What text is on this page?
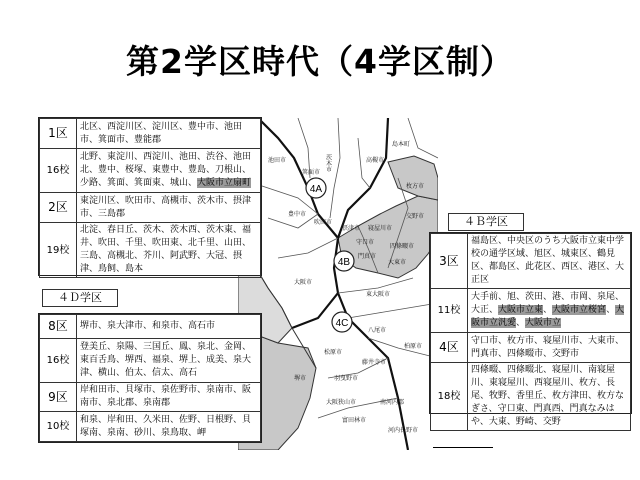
第2学区時代（4学区制）
4A
4B
4C
島本町
茨木市	高槻市
箕面市
池田市
枚方市
豊中市
吹田市
摂津市 寝屋川市
交野市
守口市
四條畷市
門真市
大東市
大阪市
東大阪市
八尾市
堺市
柏原市
松原市
藤井寺市
羽曳野市
大阪狭山市	南河内郡
富田林市
河内長野市
1区	北区、西淀川区、淀川区、豊中市、池田市、箕面市、豊能郡
16校	北野、東淀川、西淀川、池田、渋谷、池田北、豊中、桜塚、東豊中、豊島、刀根山、少路、箕面、箕面東、城山、大阪市立扇町
2区	東淀川区、吹田市、高槻市、茨木市、摂津市、三島郡
19校	北淀、春日丘、茨木、茨木西、茨木東、福井、吹田、千里、吹田東、北千里、山田、三島、高槻北、芥川、阿武野、大冠、摂津、鳥飼、島本
４Ｄ学区
8区	堺市、泉大津市、和泉市、高石市
16校	登美丘、泉陽、三国丘、鳳、泉北、金岡、東百舌鳥、堺西、福泉、堺上、成美、泉大津、横山、伯太、信太、高石
9区	岸和田市、貝塚市、泉佐野市、泉南市、阪南市、泉北郡、泉南郡
10校	和泉、岸和田、久米田、佐野、日根野、貝塚南、泉南、砂川、泉鳥取、岬
４Ｂ学区
3区	福島区、中央区のうち大阪市立東中学校の通学区域、旭区、城東区、鶴見区、都島区、此花区、西区、港区、大正区
11校	大手前、旭、茨田、港、市岡、泉尾、大正、大阪市立東、大阪市立桜宮、大阪市立汎愛、大阪市立
4区	守口市、枚方市、寝屋川市、大東市、門真市、四條畷市、交野市
18校	四條畷、四條畷北、寝屋川、南寝屋川、東寝屋川、西寝屋川、枚方、長尾、牧野、香里丘、枚方津田、枚方なぎさ、守口東、門真西、門真なみはや、大東、野崎、交野
